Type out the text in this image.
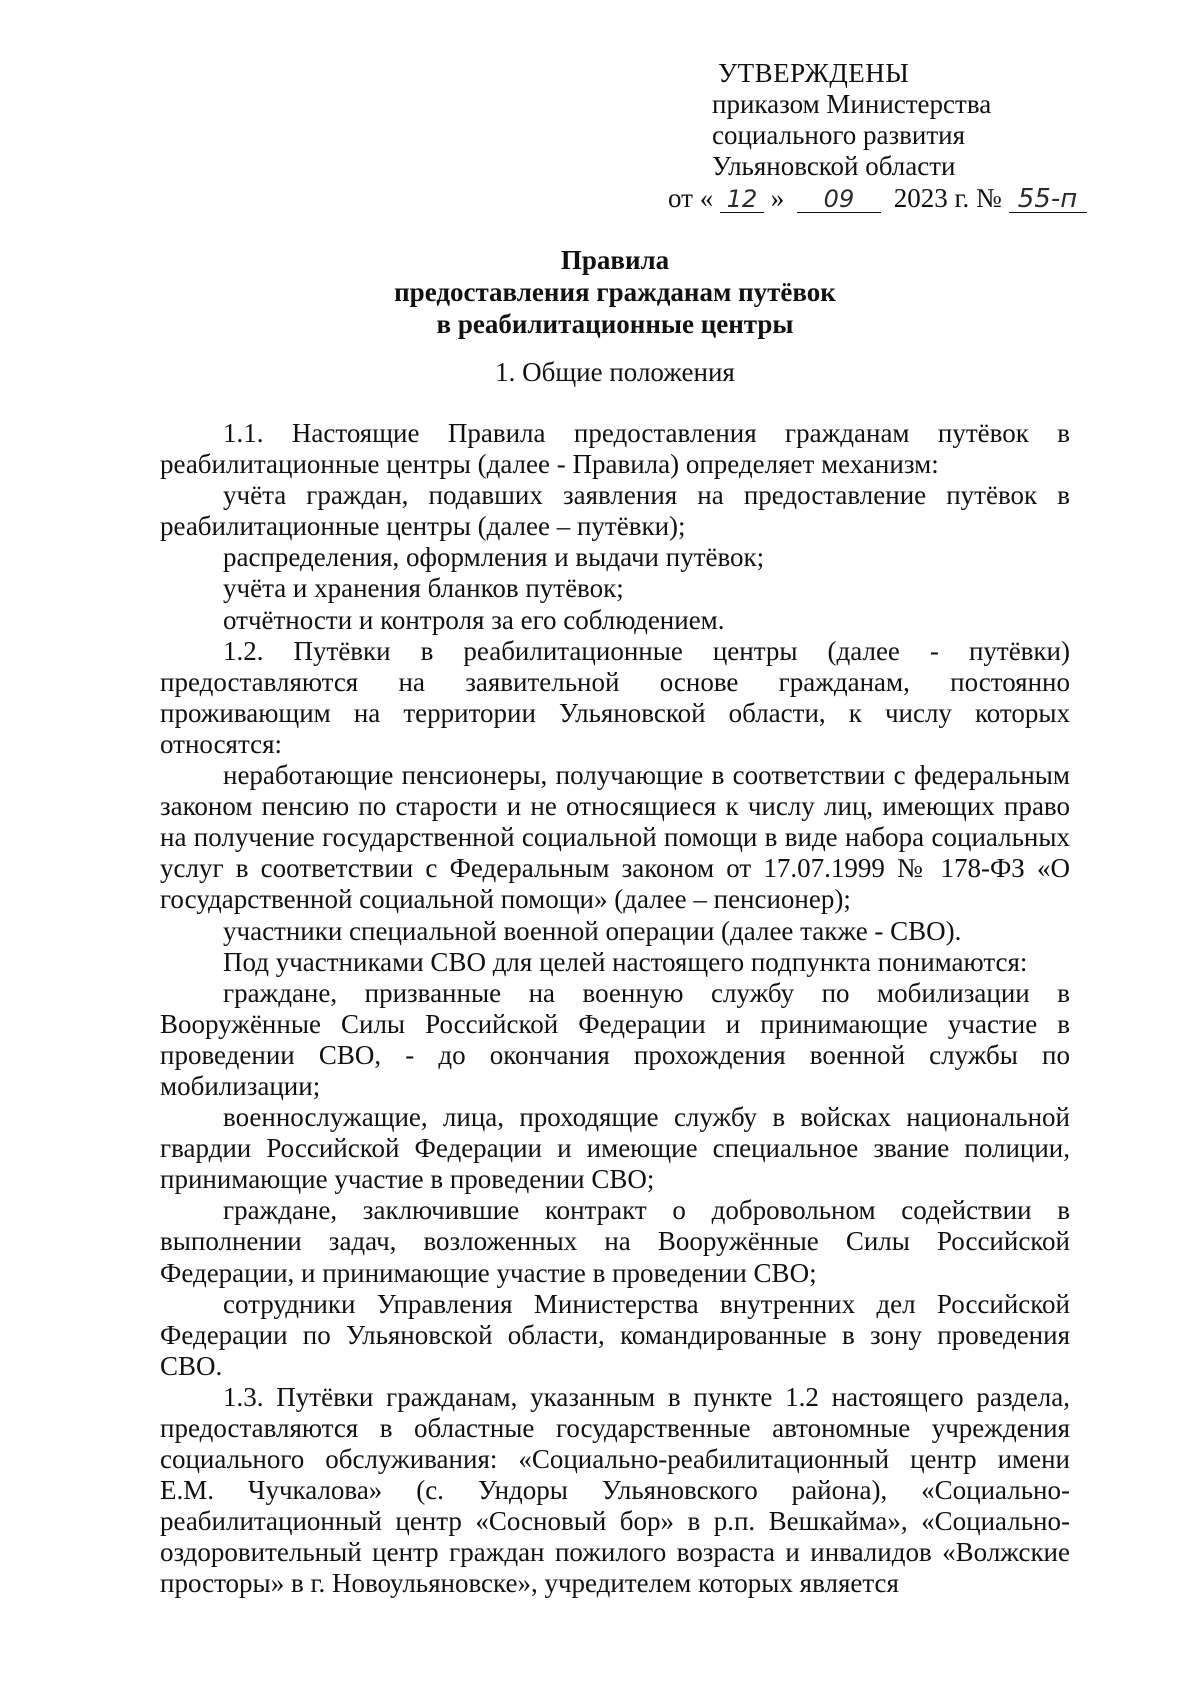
УТВЕРЖДЕНЫ
приказом Министерства
социального развития
Ульяновской области
от « 12 » 09 2023 г. № 55-п
Правила
предоставления гражданам путёвок
в реабилитационные центры
1. Общие положения

1.1. Настоящие Правила предоставления гражданам путёвок в реабилитационные центры (далее - Правила) определяет механизм:

учёта граждан, подавших заявления на предоставление путёвок в реабилитационные центры (далее – путёвки);

распределения, оформления и выдачи путёвок;

учёта и хранения бланков путёвок;

отчётности и контроля за его соблюдением.

1.2. Путёвки в реабилитационные центры (далее - путёвки) предоставляются на заявительной основе гражданам, постоянно проживающим на территории Ульяновской области, к числу которых относятся:

неработающие пенсионеры, получающие в соответствии с федеральным законом пенсию по старости и не относящиеся к числу лиц, имеющих право на получение государственной социальной помощи в виде набора социальных услуг в соответствии с Федеральным законом от 17.07.1999 № 178-ФЗ «О государственной социальной помощи» (далее – пенсионер);

участники специальной военной операции (далее также - СВО).

Под участниками СВО для целей настоящего подпункта понимаются:

граждане, призванные на военную службу по мобилизации в Вооружённые Силы Российской Федерации и принимающие участие в проведении СВО, - до окончания прохождения военной службы по мобилизации;

военнослужащие, лица, проходящие службу в войсках национальной гвардии Российской Федерации и имеющие специальное звание полиции, принимающие участие в проведении СВО;

граждане, заключившие контракт о добровольном содействии в выполнении задач, возложенных на Вооружённые Силы Российской Федерации, и принимающие участие в проведении СВО;

сотрудники Управления Министерства внутренних дел Российской Федерации по Ульяновской области, командированные в зону проведения СВО.

1.3. Путёвки гражданам, указанным в пункте 1.2 настоящего раздела, предоставляются в областные государственные автономные учреждения социального обслуживания: «Социально-реабилитационный центр имени Е.М. Чучкалова» (с. Ундоры Ульяновского района), «Социально-реабилитационный центр «Сосновый бор» в р.п. Вешкайма», «Социально-оздоровительный центр граждан пожилого возраста и инвалидов «Волжские просторы» в г. Новоульяновске», учредителем которых является
